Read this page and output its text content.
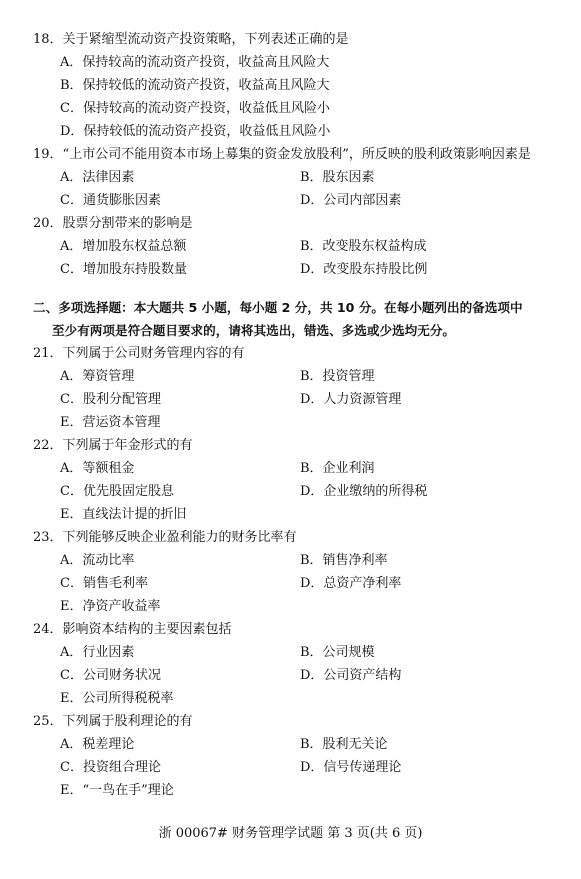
18．关于紧缩型流动资产投资策略，下列表述正确的是
A．保持较高的流动资产投资，收益高且风险大
B．保持较低的流动资产投资，收益高且风险大
C．保持较高的流动资产投资，收益低且风险小
D．保持较低的流动资产投资，收益低且风险小
19．“上市公司不能用资本市场上募集的资金发放股利”，所反映的股利政策影响因素是
A．法律因素	B．股东因素
C．通货膨胀因素	D．公司内部因素
20．股票分割带来的影响是
A．增加股东权益总额	B．改变股东权益构成
C．增加股东持股数量	D．改变股东持股比例
二、多项选择题：本大题共 5 小题，每小题 2 分，共 10 分。在每小题列出的备选项中
至少有两项是符合题目要求的，请将其选出，错选、多选或少选均无分。
21．下列属于公司财务管理内容的有
A．筹资管理	B．投资管理
C．股利分配管理	D．人力资源管理
E．营运资本管理
22．下列属于年金形式的有
A．等额租金	B．企业利润
C．优先股固定股息	D．企业缴纳的所得税
E．直线法计提的折旧
23．下列能够反映企业盈利能力的财务比率有
A．流动比率	B．销售净利率
C．销售毛利率	D．总资产净利率
E．净资产收益率
24．影响资本结构的主要因素包括
A．行业因素	B．公司规模
C．公司财务状况	D．公司资产结构
E．公司所得税税率
25．下列属于股利理论的有
A．税差理论	B．股利无关论
C．投资组合理论	D．信号传递理论
E．“一鸟在手”理论
浙 00067# 财务管理学试题 第 3 页(共 6 页)
